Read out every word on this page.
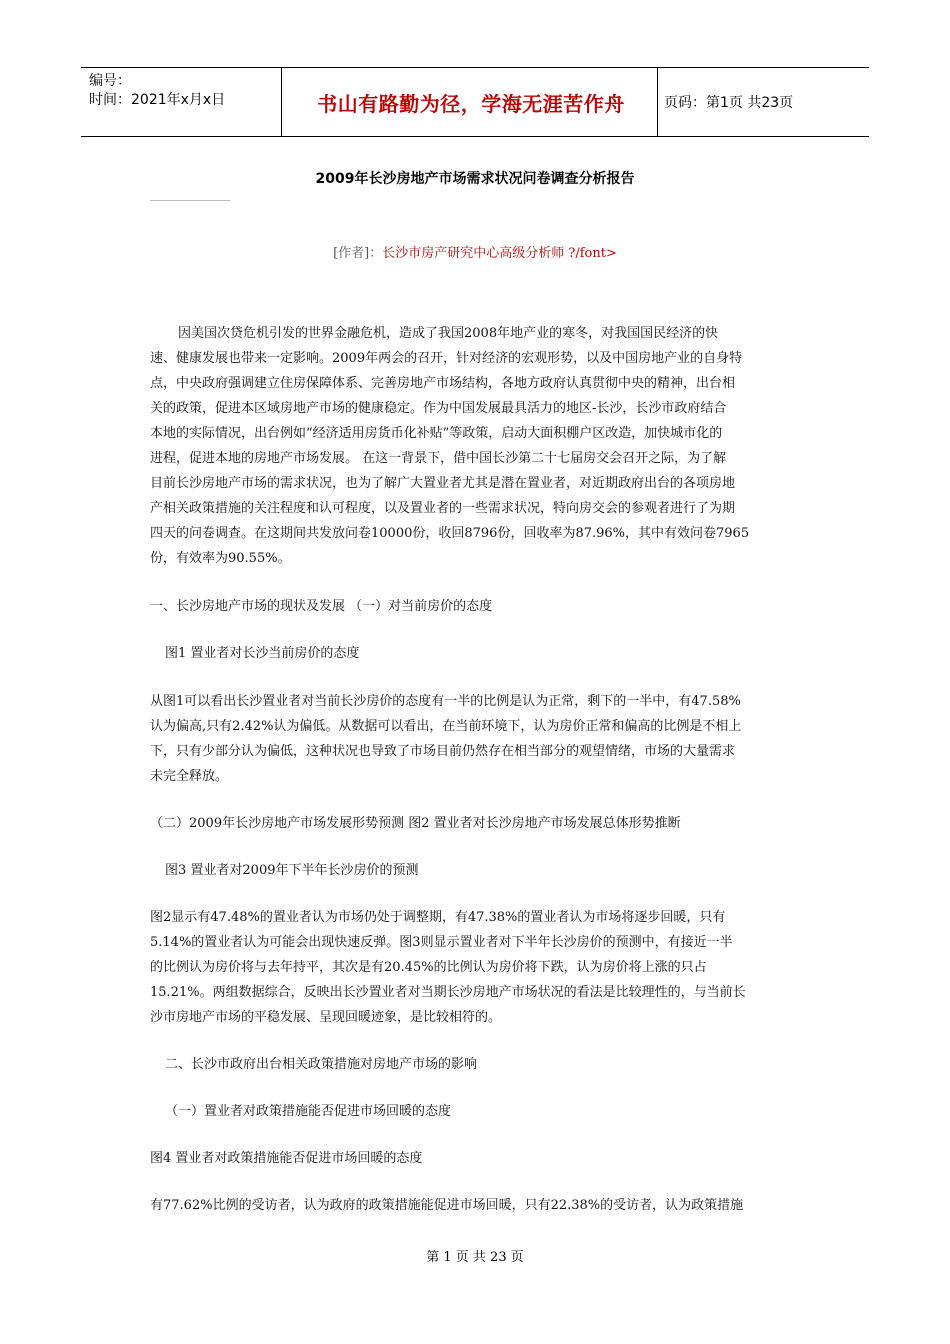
编号：
时间：2021年x月x日	书山有路勤为径，学海无涯苦作舟	页码：第1页 共23页
2009年长沙房地产市场需求状况问卷调查分析报告
[作者]：长沙市房产研究中心高级分析师 ?/font>
因美国次贷危机引发的世界金融危机，造成了我国2008年地产业的寒冬，对我国国民经济的快
速、健康发展也带来一定影响。2009年两会的召开，针对经济的宏观形势，以及中国房地产业的自身特
点，中央政府强调建立住房保障体系、完善房地产市场结构，各地方政府认真贯彻中央的精神，出台相
关的政策，促进本区域房地产市场的健康稳定。作为中国发展最具活力的地区-长沙，长沙市政府结合
本地的实际情况，出台例如“经济适用房货币化补贴”等政策，启动大面积棚户区改造，加快城市化的
进程，促进本地的房地产市场发展。 在这一背景下，借中国长沙第二十七届房交会召开之际，为了解
目前长沙房地产市场的需求状况，也为了解广大置业者尤其是潜在置业者，对近期政府出台的各项房地
产相关政策措施的关注程度和认可程度，以及置业者的一些需求状况，特向房交会的参观者进行了为期
四天的问卷调查。在这期间共发放问卷10000份，收回8796份，回收率为87.96%，其中有效问卷7965
份，有效率为90.55%。
一、长沙房地产市场的现状及发展 （一）对当前房价的态度
图1 置业者对长沙当前房价的态度
从图1可以看出长沙置业者对当前长沙房价的态度有一半的比例是认为正常，剩下的一半中，有47.58%
认为偏高,只有2.42%认为偏低。从数据可以看出，在当前环境下，认为房价正常和偏高的比例是不相上
下，只有少部分认为偏低，这种状况也导致了市场目前仍然存在相当部分的观望情绪，市场的大量需求
未完全释放。
（二）2009年长沙房地产市场发展形势预测 图2 置业者对长沙房地产市场发展总体形势推断
图3 置业者对2009年下半年长沙房价的预测
图2显示有47.48%的置业者认为市场仍处于调整期，有47.38%的置业者认为市场将逐步回暖，只有
5.14%的置业者认为可能会出现快速反弹。图3则显示置业者对下半年长沙房价的预测中，有接近一半
的比例认为房价将与去年持平，其次是有20.45%的比例认为房价将下跌，认为房价将上涨的只占
15.21%。两组数据综合，反映出长沙置业者对当期长沙房地产市场状况的看法是比较理性的，与当前长
沙市房地产市场的平稳发展、呈现回暖迹象，是比较相符的。
二、长沙市政府出台相关政策措施对房地产市场的影响
（一）置业者对政策措施能否促进市场回暖的态度
图4 置业者对政策措施能否促进市场回暖的态度
有77.62%比例的受访者，认为政府的政策措施能促进市场回暖，只有22.38%的受访者，认为政策措施
第 1 页 共 23 页
